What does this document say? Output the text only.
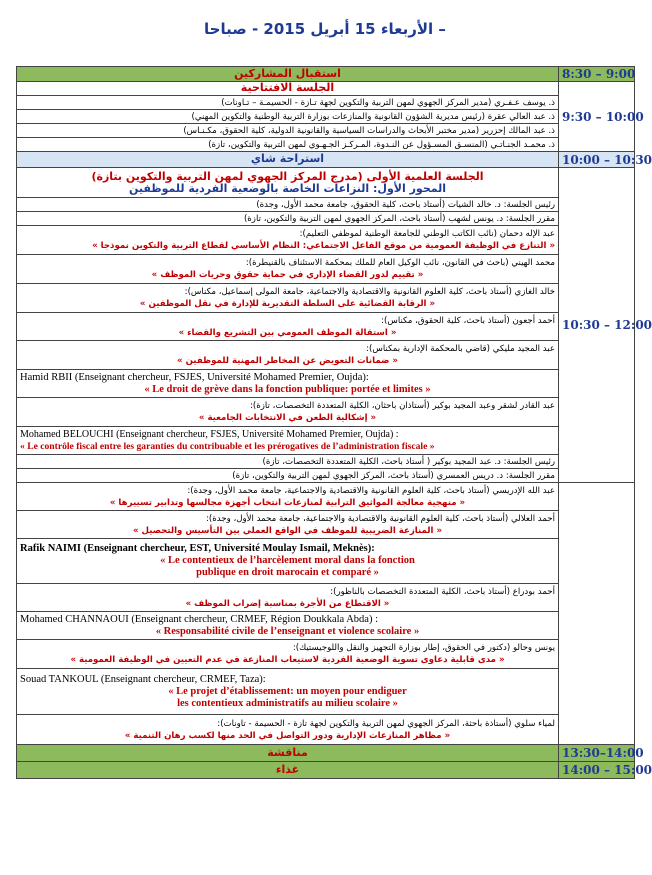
الأربعاء 15 أبريل 2015 - صباحا –
استقبال المشاركين	8:30 – 9:00	
الجلسة الافتتاحية	9:30 – 10:00	
ذ. يوسف عـفـري (مدير المركز الجهوي لمهن التربية والتكوين لجهة تـازة - الحسيمـة – تـاونات)		
ذ. عبد العالي عقرة (رئيس مديرية الشؤون القانونية والمنازعات بوزارة التربية الوطنية والتكوين المهني)		
ذ. عبد المالك إحزرير (مدير مختبر الأبحاث والدراسات السياسية والقانونية الدولية، كلية الحقوق، مكـنـاس)		
ذ. محمـد الجنـاتـي (المنسـق المسـؤول عن النـدوة، المـركـز الجـهـوي لمهن التربية والتكوين، تازة)		
استراحة شاي	10:00 – 10:30	

الجلسة العلمية الأولى (مدرج المركز الجهوي لمهن التربية والتكوين بتازة)
المحور الأول: النزاعات الخاصة بالوضعية الفردية للموظفين	10:30 – 12:00	
رئيس الجلسة: د. خالد الشيات (أستاذ باحث، كلية الحقوق، جامعة محمد الأول، وجدة)		
مقرر الجلسة: د. يونس لشهب (أستاذ باحث، المركز الجهوي لمهن التربية والتكوين، تازة)		

عبد الإله دحمان (نائب الكاتب الوطني للجامعة الوطنية لموظفي التعليم):
« التنازع في الوظيفة العمومية من موقع الفاعل الاجتماعي: النظام الأساسي لقطاع التربية والتكوين نموذجا »		

محمد الهيني (باحث في القانون، نائب الوكيل العام للملك بمحكمة الاستئناف بالقنيطرة):
« تقييم لدور القضاء الإداري في حماية حقوق وحريات الموظف »		

خالد الغازي (أستاذ باحث، كلية العلوم القانونية والاقتصادية والاجتماعية، جامعة المولى إسماعيل، مكناس):
« الرقابة القضائية على السلطة التقديرية للإدارة في نقل الموظفين »		

أحمد أجعون (أستاذ باحث، كلية الحقوق، مكناس):
« استقالة الموظف العمومي بين التشريع والقضاء »		

عبد المجيد مليكي (قاضي بالمحكمة الإدارية بمكناس):
« ضمانات التعويض عن المخاطر المهنية للموظفين »		

Hamid RBII (Enseignant chercheur, FSJES, Université Mohamed Premier, Oujda):
« Le droit de grève dans la fonction publique: portée et limites »		

عبد القادر لشقر وعبد المجيد بوكير (أستاذان باحثان، الكلية المتعددة التخصصات، تازة):
« إشكالية الطعن في الانتخابات الجامعية »		

Mohamed BELOUCHI (Enseignant chercheur, FSJES, Université Mohamed Premier, Oujda) :
« Le contrôle fiscal entre les garanties du contribuable et les prérogatives de l’administration fiscale »		

رئيس الجلسة: د. عبد المجيد بوكير ( أستاذ باحث، الكلية المتعددة التخصصات، تازة)	
مقرر الجلسة: د. دريس العمسري (أستاذ باحث، المركز الجهوي لمهن التربية والتكوين، تازة)		

عبد الله الإدريسي (أستاذ باحث، كلية العلوم القانونية والاقتصادية والاجتماعية، جامعة محمد الأول، وجدة):
« منهجية معالجة المواثيق الترابية لمنازعات انتخاب أجهزة مجالسها وتدابير تسييرها »		

أحمد العلالي (أستاذ باحث، كلية العلوم القانونية والاقتصادية والاجتماعية، جامعة محمد الأول، وجدة):
« المنازعة الضريبية للموظف في الواقع العملي بين التأسيس والتحصيل »		

Rafik NAIMI (Enseignant chercheur, EST, Université Moulay Ismail, Meknès):
« Le contentieux de l’harcèlement moral dans la fonction
publique en droit marocain et comparé »		

أحمد بودراع (أستاذ باحث، الكلية المتعددة التخصصات بالناظور):
« الاقتطاع من الأجرة بمناسبة إضراب الموظف »		

Mohamed CHANNAOUI (Enseignant chercheur, CRMEF, Région Doukkala Abda) :
« Responsabilité civile de l’enseignant et violence scolaire »		

يونس وحالو (دكتور في الحقوق، إطار بوزارة التجهيز والنقل واللوجيستيك):
« مدى قابلية دعاوى تسوية الوضعية الفردية لاستيعاب المنازعة في عدم التعيين في الوظيفة العمومية »		

Souad TANKOUL (Enseignant chercheur, CRMEF, Taza):
« Le projet d’établissement: un moyen pour endiguer
les contentieux administratifs au milieu scolaire »		

لمياء سلوي (أستاذة باحثة، المركز الجهوي لمهن التربية والتكوين لجهة تازة - الحسيمة - تاونات):
« مظاهر المنازعات الإدارية ودور التواصل في الحد منها لكسب رهان التنمية »		

مناقشة	13:30–14:00	
غذاء	14:00 – 15:00	
